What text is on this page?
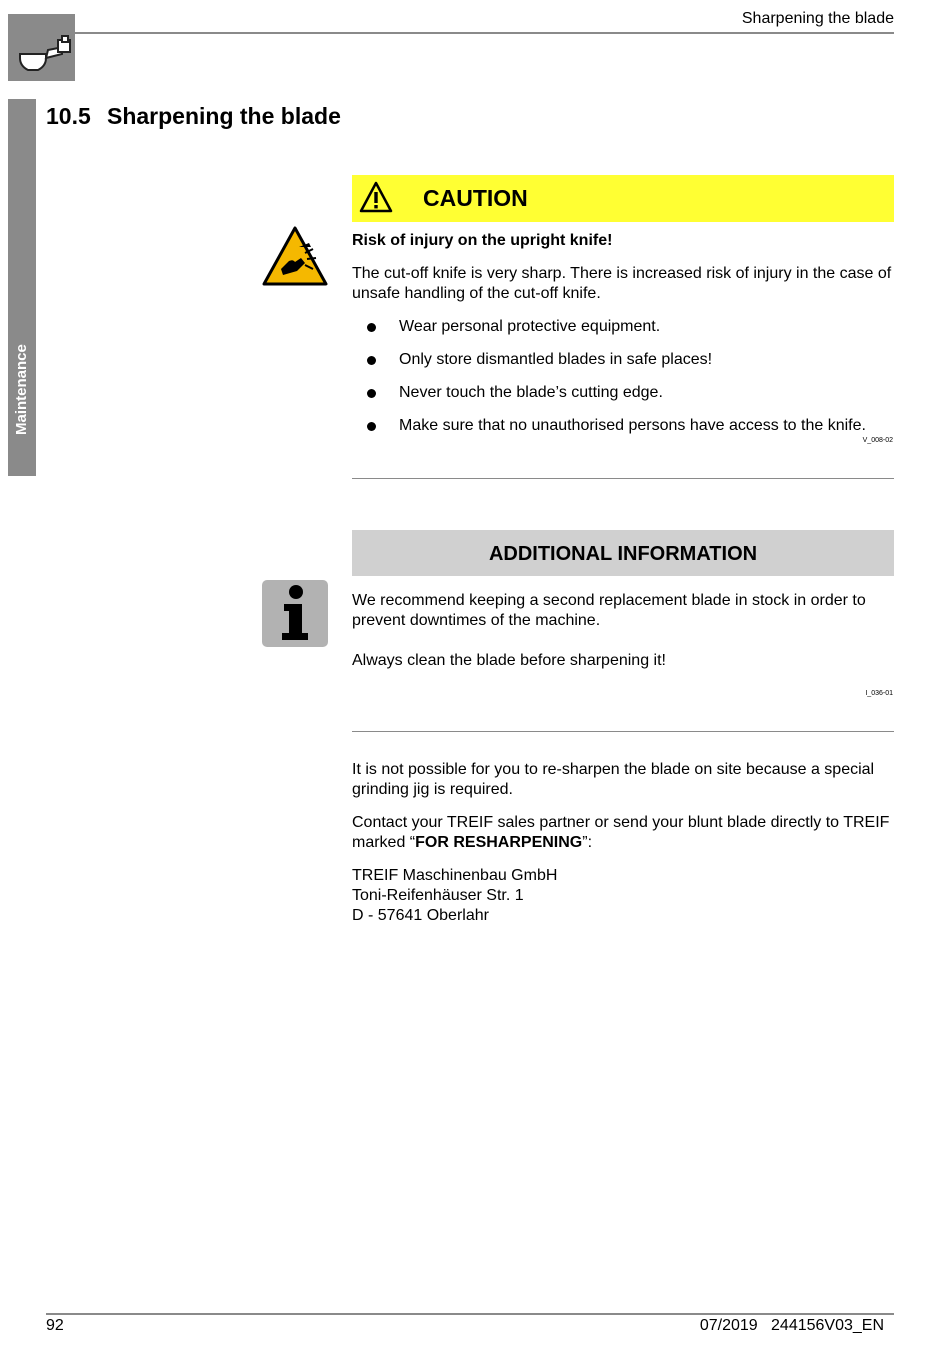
Sharpening the blade
Maintenance
10.5 Sharpening the blade
CAUTION
Risk of injury on the upright knife!
The cut-off knife is very sharp. There is increased risk of injury in the case of unsafe handling of the cut-off knife.
Wear personal protective equipment.
Only store dismantled blades in safe places!
Never touch the blade’s cutting edge.
Make sure that no unauthorised persons have access to the knife.
V_008-02
ADDITIONAL INFORMATION
We recommend keeping a second replacement blade in stock in order to prevent downtimes of the machine.
Always clean the blade before sharpening it!
I_036-01
It is not possible for you to re-sharpen the blade on site because a special grinding jig is required.
Contact your TREIF sales partner or send your blunt blade directly to TREIF marked “FOR RESHARPENING”:
TREIF Maschinenbau GmbH
Toni-Reifenhäuser Str. 1
D - 57641 Oberlahr
92	07/2019 244156V03_EN
